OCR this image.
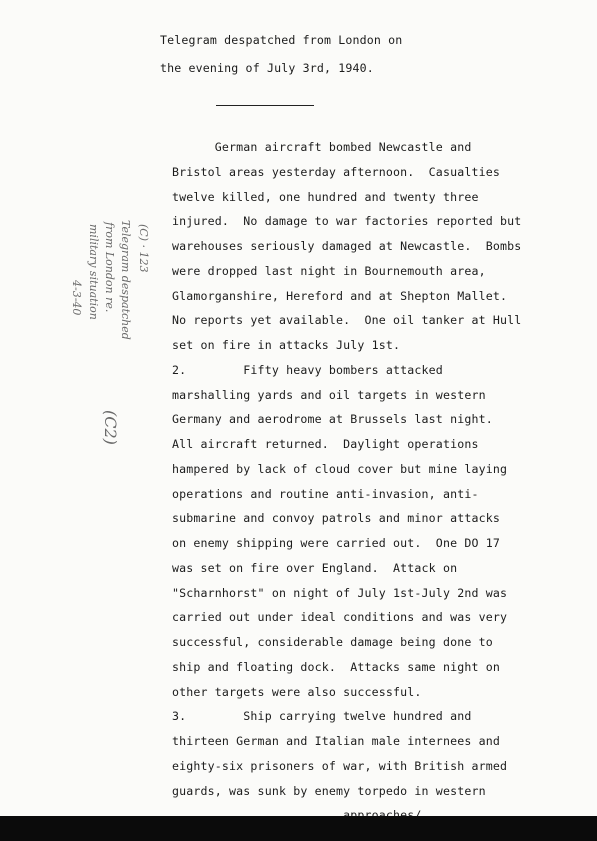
Telegram despatched from London on
the evening of July 3rd, 1940.
German aircraft bombed Newcastle and
Bristol areas yesterday afternoon.  Casualties
twelve killed, one hundred and twenty three
injured.  No damage to war factories reported but
warehouses seriously damaged at Newcastle.  Bombs
were dropped last night in Bournemouth area,
Glamorganshire, Hereford and at Shepton Mallet.
No reports yet available.  One oil tanker at Hull
set on fire in attacks July 1st.
2.        Fifty heavy bombers attacked
marshalling yards and oil targets in western
Germany and aerodrome at Brussels last night.
All aircraft returned.  Daylight operations
hampered by lack of cloud cover but mine laying
operations and routine anti-invasion, anti-
submarine and convoy patrols and minor attacks
on enemy shipping were carried out.  One DO 17
was set on fire over England.  Attack on
"Scharnhorst" on night of July 1st-July 2nd was
carried out under ideal conditions and was very
successful, considerable damage being done to
ship and floating dock.  Attacks same night on
other targets were also successful.
3.        Ship carrying twelve hundred and
thirteen German and Italian male internees and
eighty-six prisoners of war, with British armed
guards, was sunk by enemy torpedo in western
(C) · 123
Telegram despatched
from London re.
military situation
4-3-40
(C2)
